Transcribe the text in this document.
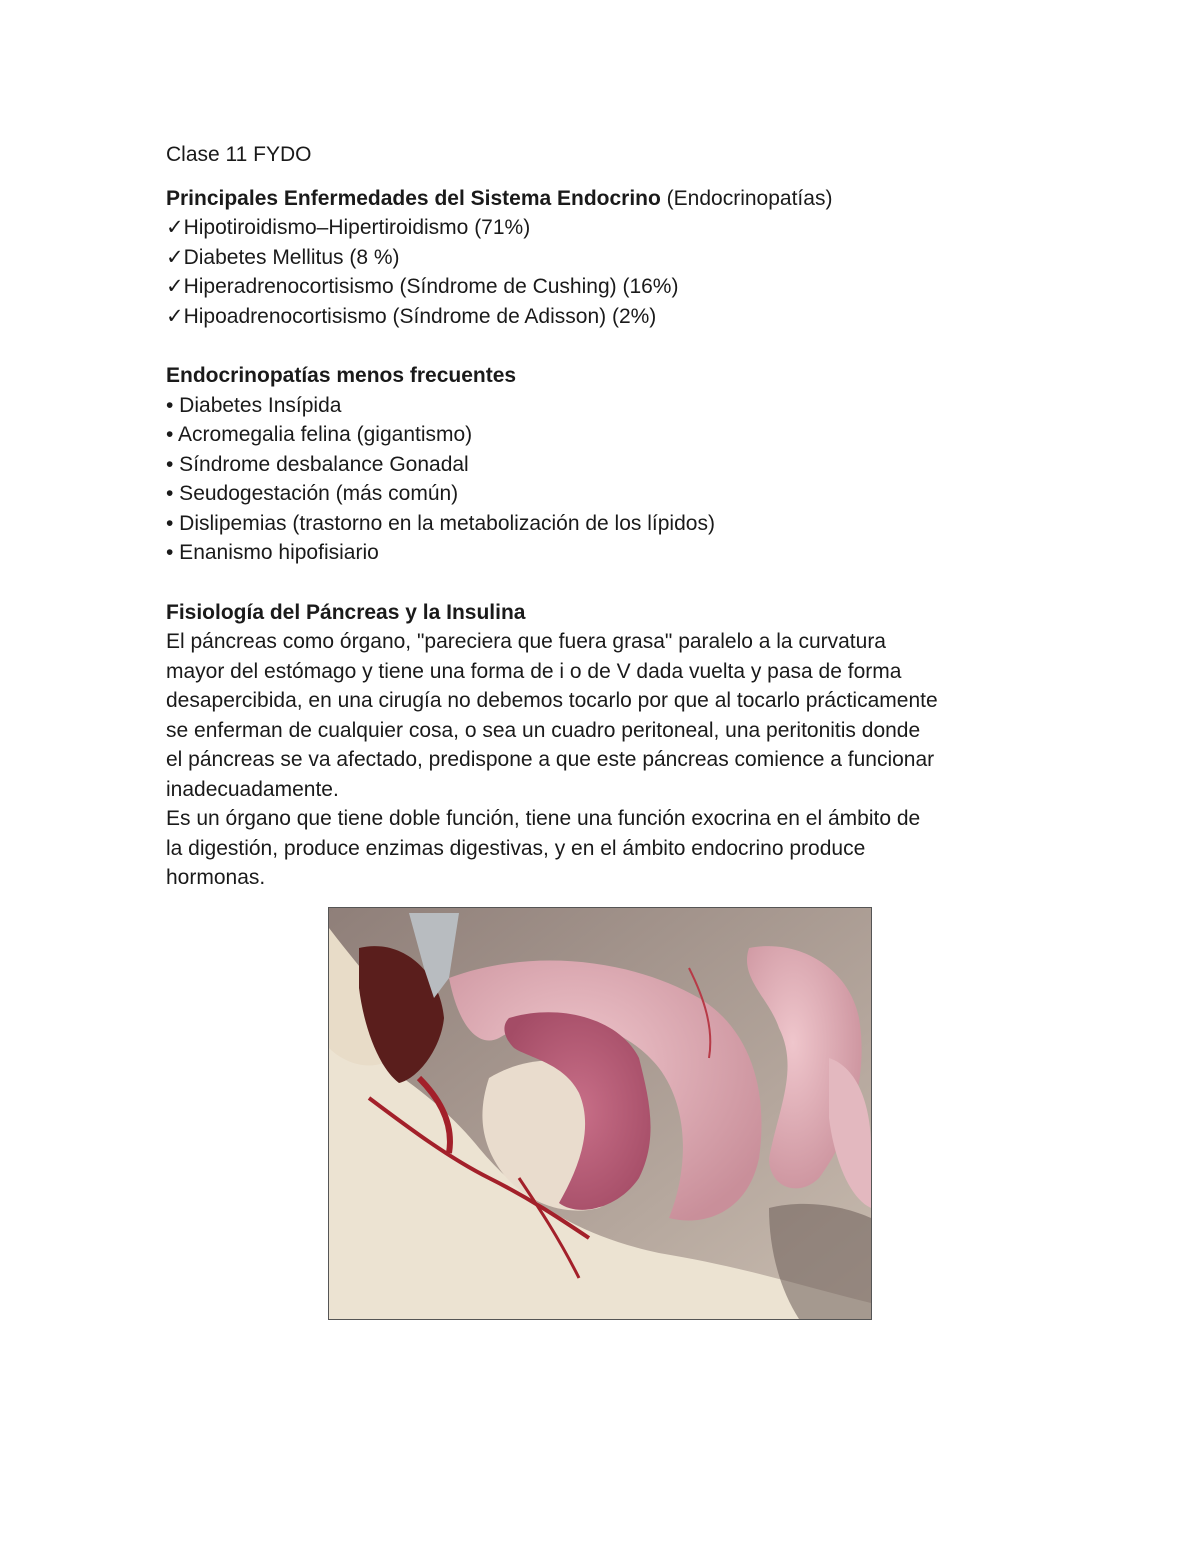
Clase 11 FYDO
Principales Enfermedades del Sistema Endocrino (Endocrinopatías)
✓Hipotiroidismo–Hipertiroidismo (71%)
✓Diabetes Mellitus (8 %)
✓Hiperadrenocortisismo (Síndrome de Cushing) (16%)
✓Hipoadrenocortisismo (Síndrome de Adisson) (2%)
Endocrinopatías menos frecuentes
• Diabetes Insípida
• Acromegalia felina (gigantismo)
• Síndrome desbalance Gonadal
• Seudogestación (más común)
• Dislipemias (trastorno en la metabolización de los lípidos)
• Enanismo hipofisiario
Fisiología del Páncreas y la Insulina
El páncreas como órgano, "pareciera que fuera grasa" paralelo a la curvatura
mayor del estómago y tiene una forma de i o de V dada vuelta y pasa de forma
desapercibida, en una cirugía no debemos tocarlo por que al tocarlo prácticamente
se enferman de cualquier cosa, o sea un cuadro peritoneal, una peritonitis donde
el páncreas se va afectado, predispone a que este páncreas comience a funcionar
inadecuadamente.
Es un órgano que tiene doble función, tiene una función exocrina en el ámbito de
la digestión, produce enzimas digestivas, y en el ámbito endocrino produce
hormonas.
